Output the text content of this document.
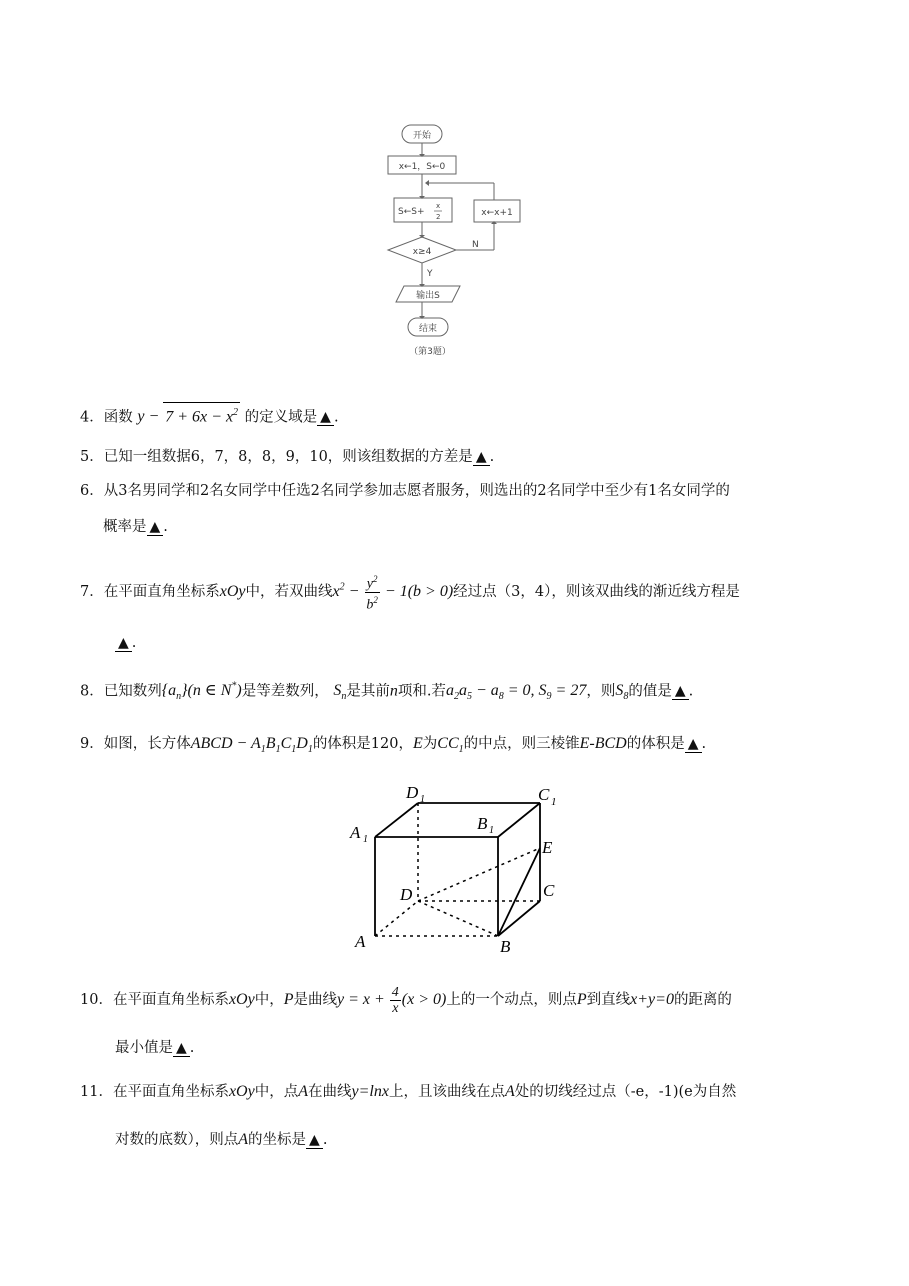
开始
x←1，S←0
S←S+
x
2	x←x+1
x≥4
N
Y
输出S
结束
（第3题）
4．函数 $y - 7 + 6x - x^2$ 的定义域是 ▲ .
5．已知一组数据6，7，8，8，9，10，则该组数据的方差是 ▲ .
6．从3名男同学和2名女同学中任选2名同学参加志愿者服务，则选出的2名同学中至少有1名女同学的
概率是 ▲ .
7．在平面直角坐标系xOy中，若双曲线$x^2 - \frac{y^2}{b^2} - 1(b > 0)$经过点（3，4），则该双曲线的渐近线方程是
▲ .
8．已知数列$\{a_n\}(n$ ∈ N*)是等差数列， $S_n$是其前n项和.若$a_2a_5 - a_8 = 0$, $S_9 = 27$，则$S_8$的值是 ▲ .
9．如图，长方体ABCD − $A_1B_1C_1D_1$的体积是120，E为$CC_1$的中点，则三棱锥E-BCD的体积是 ▲ .
D 1	C 1
A 1
B 1
E
D	C
A	B
10．在平面直角坐标系xOy中，P是曲线$y = x + \frac{4}{x} (x > 0)$上的一个动点，则点P到直线x+y=0的距离的
最小值是 ▲ .
11．在平面直角坐标系xOy中，点A在曲线y=lnx上，且该曲线在点A处的切线经过点（-e，-1)(e为自然
对数的底数），则点A的坐标是 ▲ .
